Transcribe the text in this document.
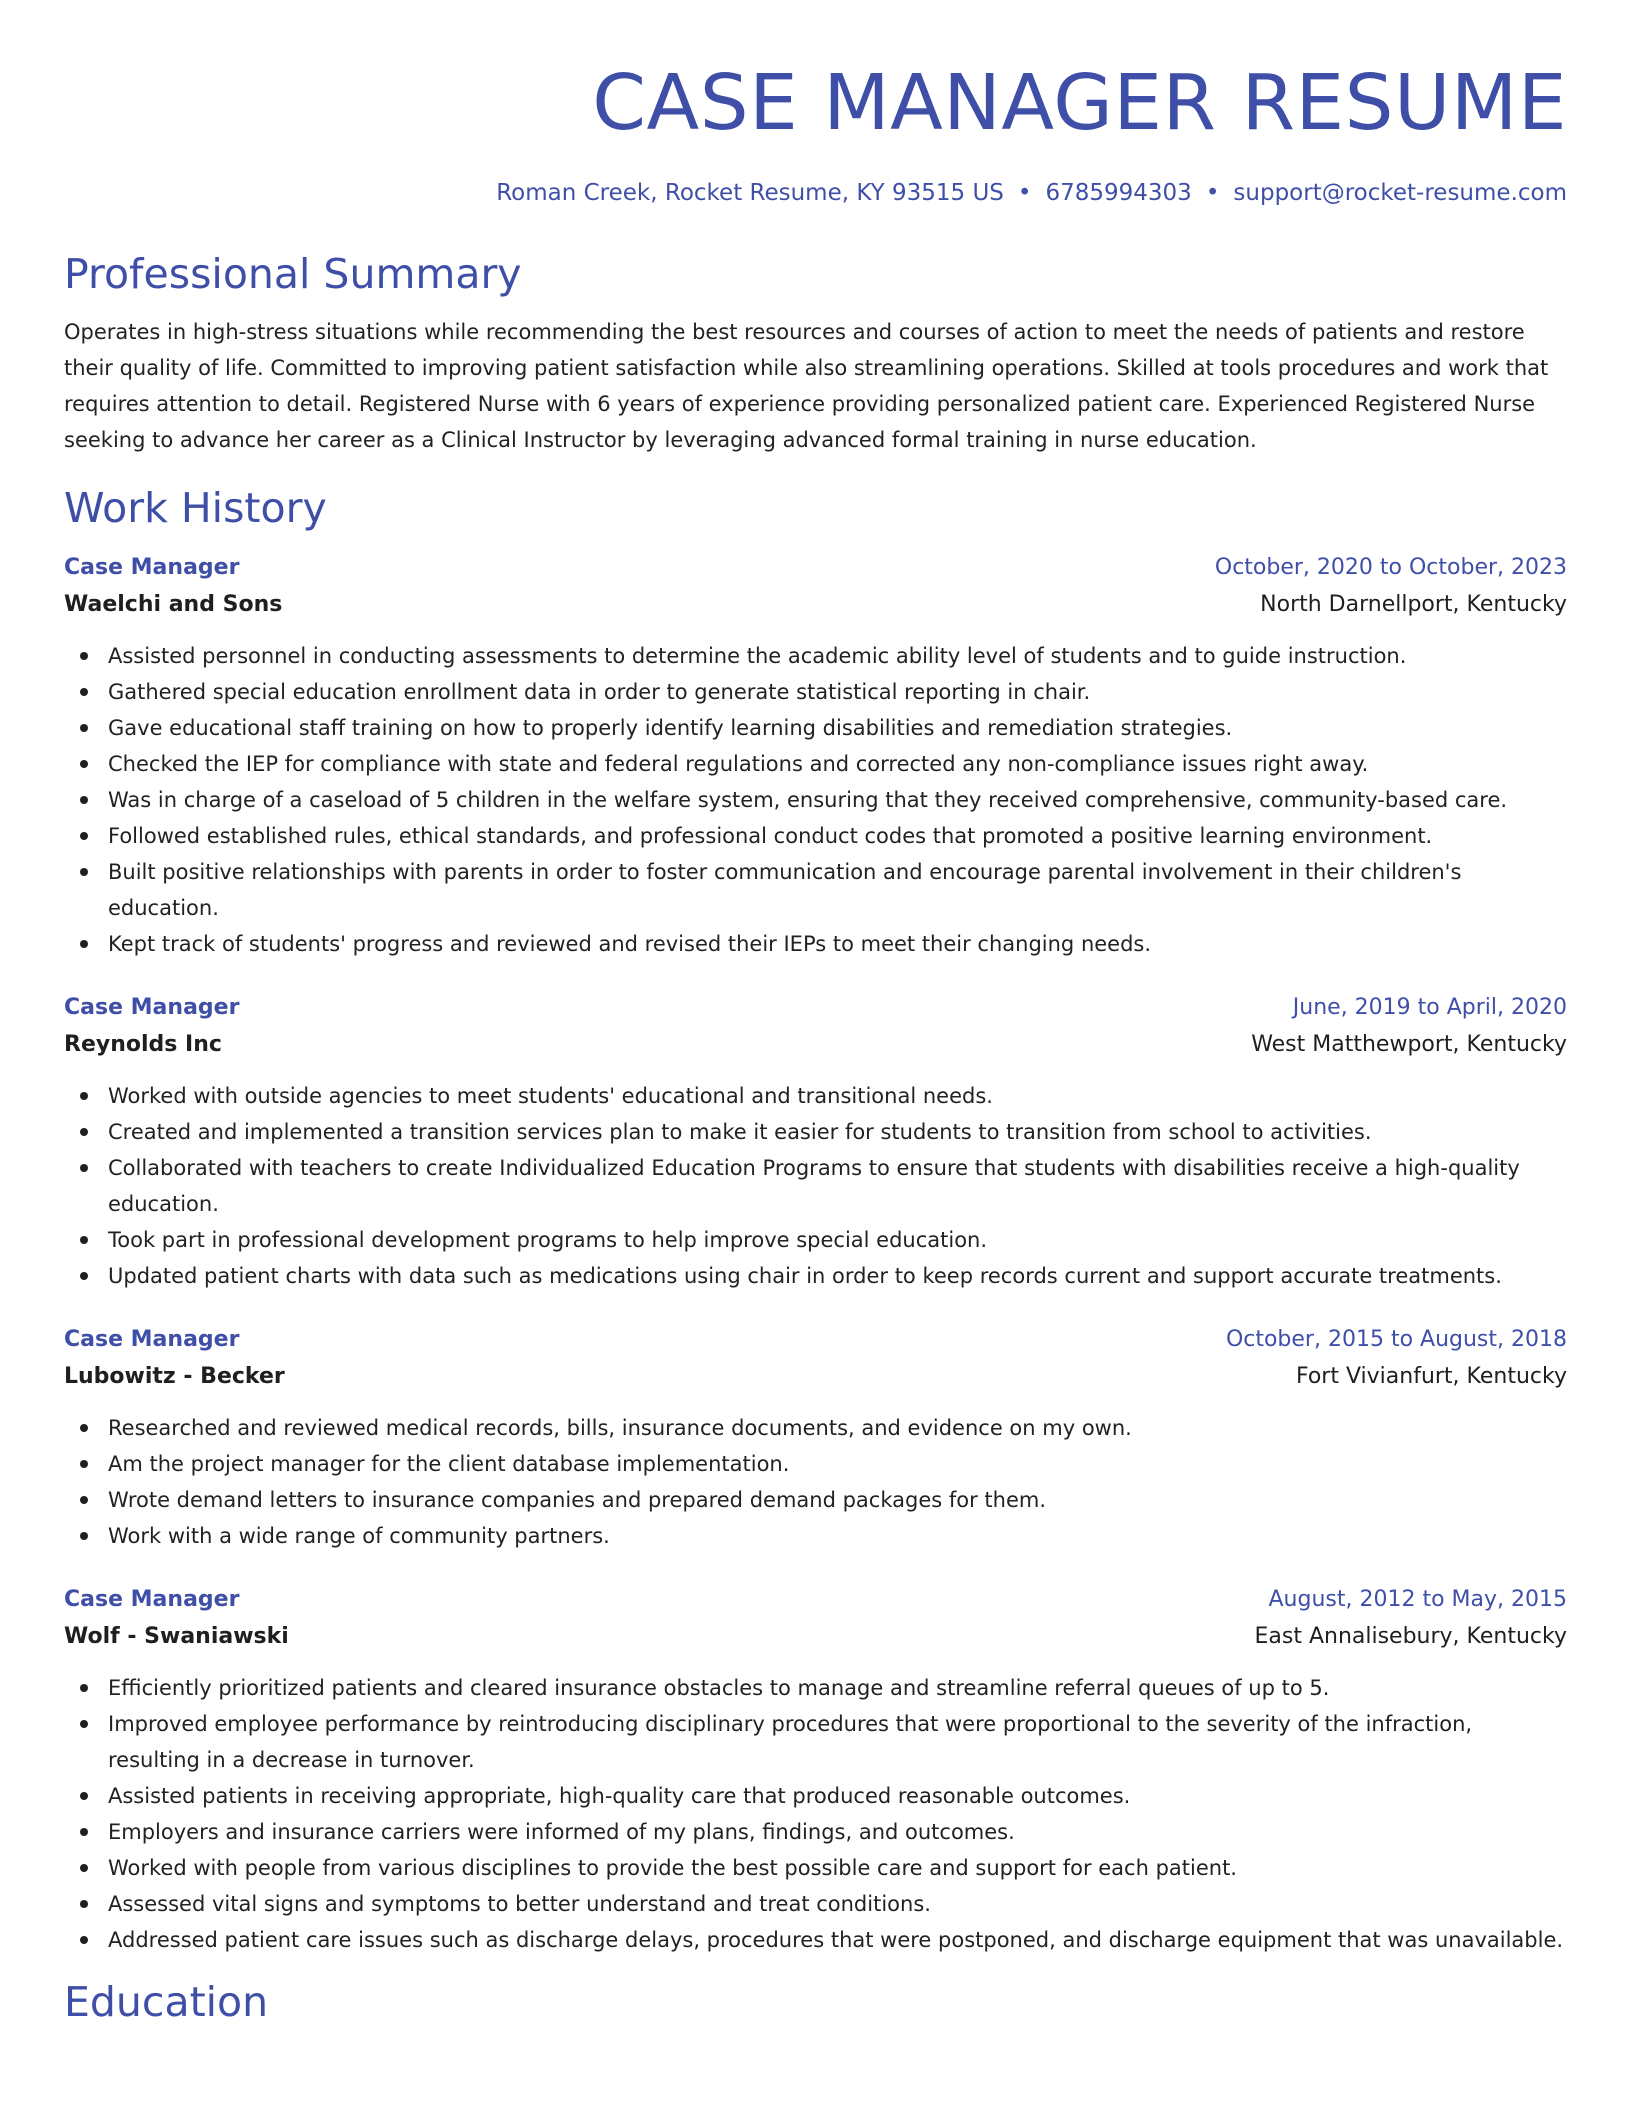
CASE MANAGER RESUME
Roman Creek, Rocket Resume, KY 93515 US • 6785994303 • support@rocket-resume.com
Professional Summary

Operates in high-stress situations while recommending the best resources and courses of action to meet the needs of patients and restore their quality of life. Committed to improving patient satisfaction while also streamlining operations. Skilled at tools procedures and work that requires attention to detail. Registered Nurse with 6 years of experience providing personalized patient care. Experienced Registered Nurse seeking to advance her career as a Clinical Instructor by leveraging advanced formal training in nurse education.

Work History
Case Manager	October, 2020 to October, 2023
Waelchi and Sons	North Darnellport, Kentucky
Assisted personnel in conducting assessments to determine the academic ability level of students and to guide instruction.
Gathered special education enrollment data in order to generate statistical reporting in chair.
Gave educational staff training on how to properly identify learning disabilities and remediation strategies.
Checked the IEP for compliance with state and federal regulations and corrected any non-compliance issues right away.
Was in charge of a caseload of 5 children in the welfare system, ensuring that they received comprehensive, community-based care.
Followed established rules, ethical standards, and professional conduct codes that promoted a positive learning environment.
Built positive relationships with parents in order to foster communication and encourage parental involvement in their children's education.
Kept track of students' progress and reviewed and revised their IEPs to meet their changing needs.
Case Manager	June, 2019 to April, 2020
Reynolds Inc	West Matthewport, Kentucky
Worked with outside agencies to meet students' educational and transitional needs.
Created and implemented a transition services plan to make it easier for students to transition from school to activities.
Collaborated with teachers to create Individualized Education Programs to ensure that students with disabilities receive a high-quality education.
Took part in professional development programs to help improve special education.
Updated patient charts with data such as medications using chair in order to keep records current and support accurate treatments.
Case Manager	October, 2015 to August, 2018
Lubowitz - Becker	Fort Vivianfurt, Kentucky
Researched and reviewed medical records, bills, insurance documents, and evidence on my own.
Am the project manager for the client database implementation.
Wrote demand letters to insurance companies and prepared demand packages for them.
Work with a wide range of community partners.
Case Manager	August, 2012 to May, 2015
Wolf - Swaniawski	East Annalisebury, Kentucky
Efficiently prioritized patients and cleared insurance obstacles to manage and streamline referral queues of up to 5.
Improved employee performance by reintroducing disciplinary procedures that were proportional to the severity of the infraction, resulting in a decrease in turnover.
Assisted patients in receiving appropriate, high-quality care that produced reasonable outcomes.
Employers and insurance carriers were informed of my plans, findings, and outcomes.
Worked with people from various disciplines to provide the best possible care and support for each patient.
Assessed vital signs and symptoms to better understand and treat conditions.
Addressed patient care issues such as discharge delays, procedures that were postponed, and discharge equipment that was unavailable.
Education
